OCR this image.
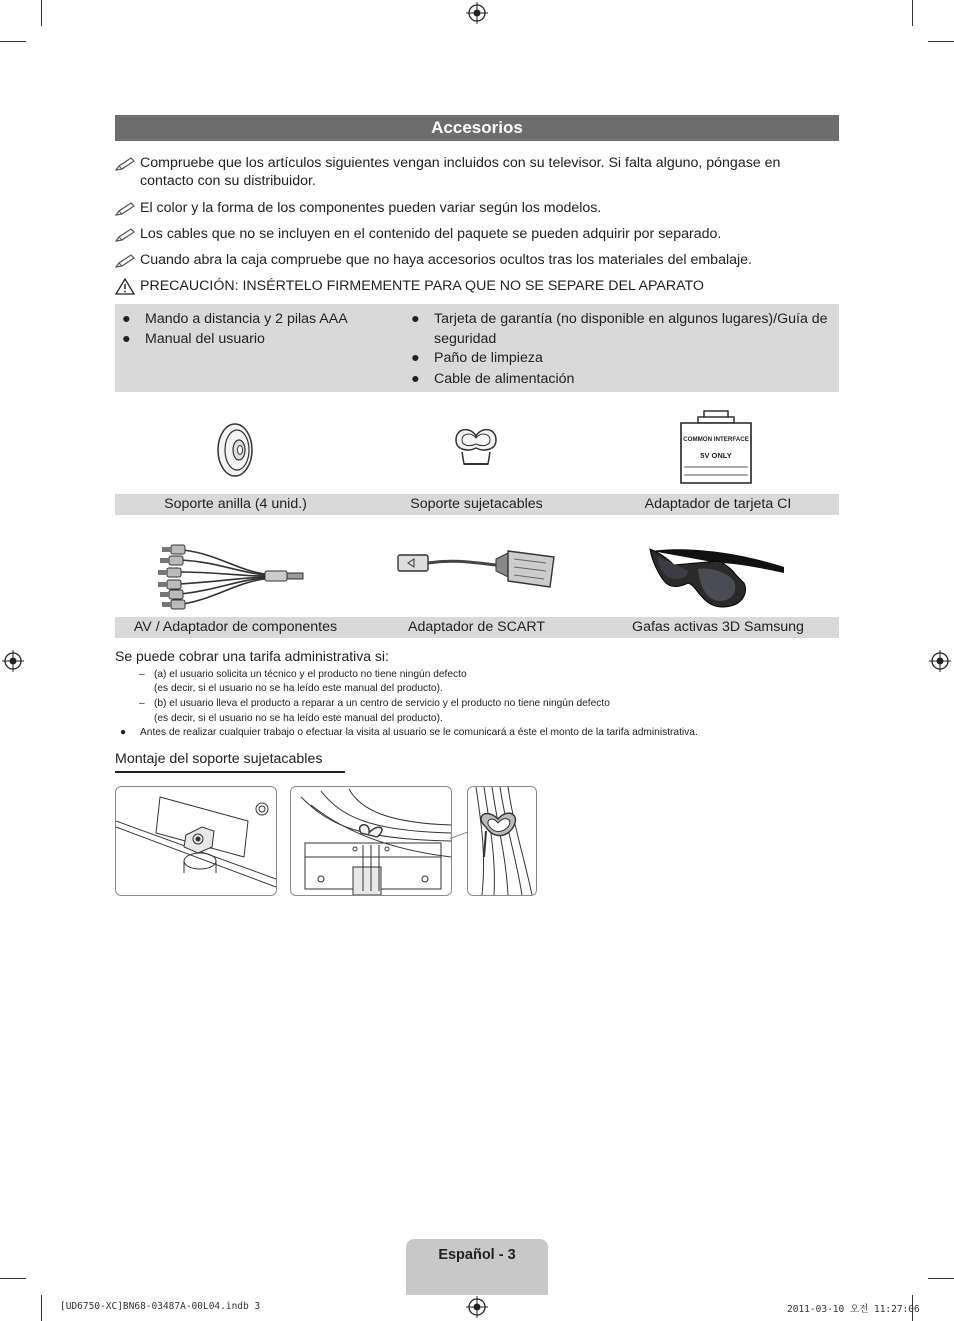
Accesorios
Compruebe que los artículos siguientes vengan incluidos con su televisor. Si falta alguno, póngase en contacto con su distribuidor.
El color y la forma de los componentes pueden variar según los modelos.
Los cables que no se incluyen en el contenido del paquete se pueden adquirir por separado.
Cuando abra la caja compruebe que no haya accesorios ocultos tras los materiales del embalaje.
PRECAUCIÓN: INSÉRTELO FIRMEMENTE PARA QUE NO SE SEPARE DEL APARATO
●	Mando a distancia y 2 pilas AAA
●	Manual del usuario
●	Tarjeta de garantía (no disponible en algunos lugares)/Guía de seguridad
●	Paño de limpieza
●	Cable de alimentación
COMMON INTERFACE
5V ONLY
Soporte anilla (4 unid.)	Soporte sujetacables	Adaptador de tarjeta CI
AV / Adaptador de componentes	Adaptador de SCART	Gafas activas 3D Samsung
Se puede cobrar una tarifa administrativa si:
– (a) el usuario solicita un técnico y el producto no tiene ningún defecto
(es decir, si el usuario no se ha leído este manual del producto).
– (b) el usuario lleva el producto a reparar a un centro de servicio y el producto no tiene ningún defecto
(es decir, si el usuario no se ha leído este manual del producto).
● Antes de realizar cualquier trabajo o efectuar la visita al usuario se le comunicará a éste el monto de la tarifa administrativa.
Montaje del soporte sujetacables
Español - 3
[UD6750-XC]BN68-03487A-00L04.indb 3	2011-03-10 오전 11:27:06
